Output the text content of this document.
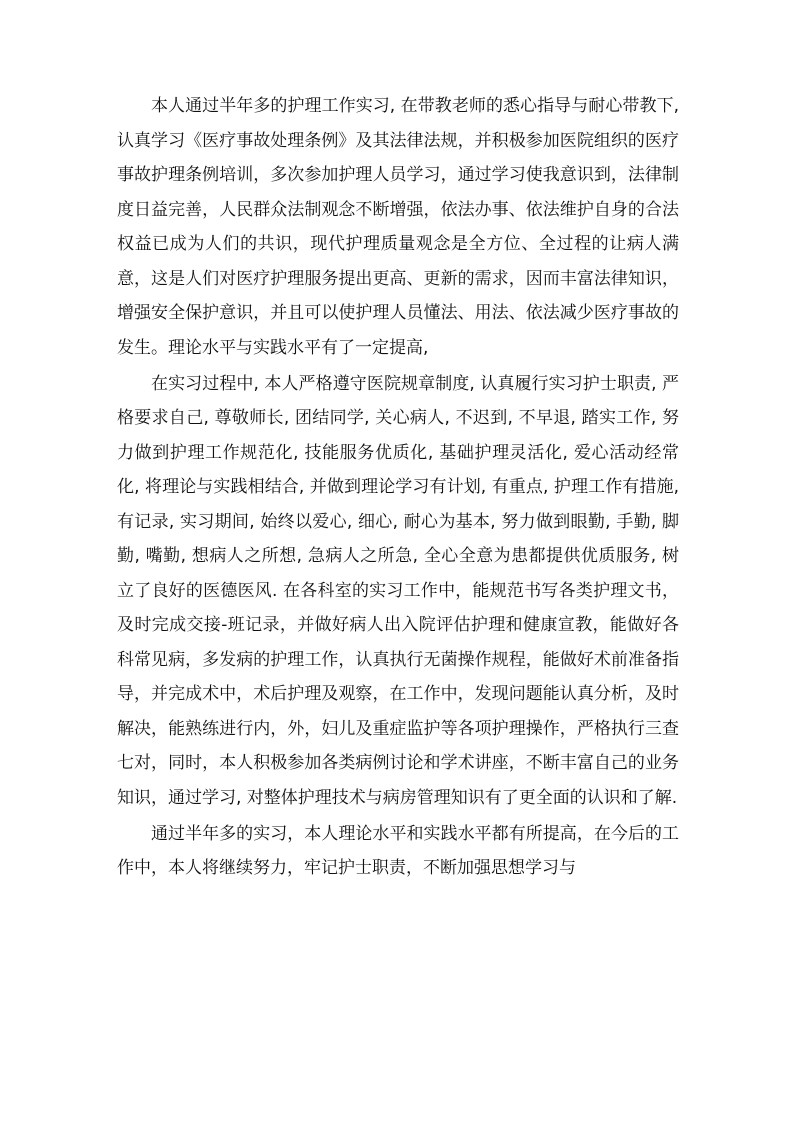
本人通过半年多的护理工作实习, 在带教老师的悉心指导与耐心带教下, 认真学习《医疗事故处理条例》及其法律法规，并积极参加医院组织的医疗事故护理条例培训，多次参加护理人员学习，通过学习使我意识到，法律制度日益完善，人民群众法制观念不断增强，依法办事、依法维护自身的合法权益已成为人们的共识，现代护理质量观念是全方位、全过程的让病人满意，这是人们对医疗护理服务提出更高、更新的需求，因而丰富法律知识，增强安全保护意识，并且可以使护理人员懂法、用法、依法减少医疗事故的发生。理论水平与实践水平有了一定提高,

在实习过程中, 本人严格遵守医院规章制度, 认真履行实习护士职责, 严格要求自己, 尊敬师长, 团结同学, 关心病人, 不迟到, 不早退, 踏实工作, 努力做到护理工作规范化, 技能服务优质化, 基础护理灵活化, 爱心活动经常化, 将理论与实践相结合, 并做到理论学习有计划, 有重点, 护理工作有措施, 有记录, 实习期间, 始终以爱心, 细心, 耐心为基本, 努力做到眼勤, 手勤, 脚勤, 嘴勤, 想病人之所想, 急病人之所急, 全心全意为患都提供优质服务, 树立了良好的医德医风. 在各科室的实习工作中，能规范书写各类护理文书，及时完成交接-班记录，并做好病人出入院评估护理和健康宣教，能做好各科常见病，多发病的护理工作，认真执行无菌操作规程，能做好术前准备指导，并完成术中，术后护理及观察，在工作中，发现问题能认真分析，及时解决，能熟练进行内，外，妇儿及重症监护等各项护理操作，严格执行三查七对，同时，本人积极参加各类病例讨论和学术讲座，不断丰富自己的业务知识，通过学习, 对整体护理技术与病房管理知识有了更全面的认识和了解.

通过半年多的实习，本人理论水平和实践水平都有所提高，在今后的工作中，本人将继续努力，牢记护士职责，不断加强思想学习与
